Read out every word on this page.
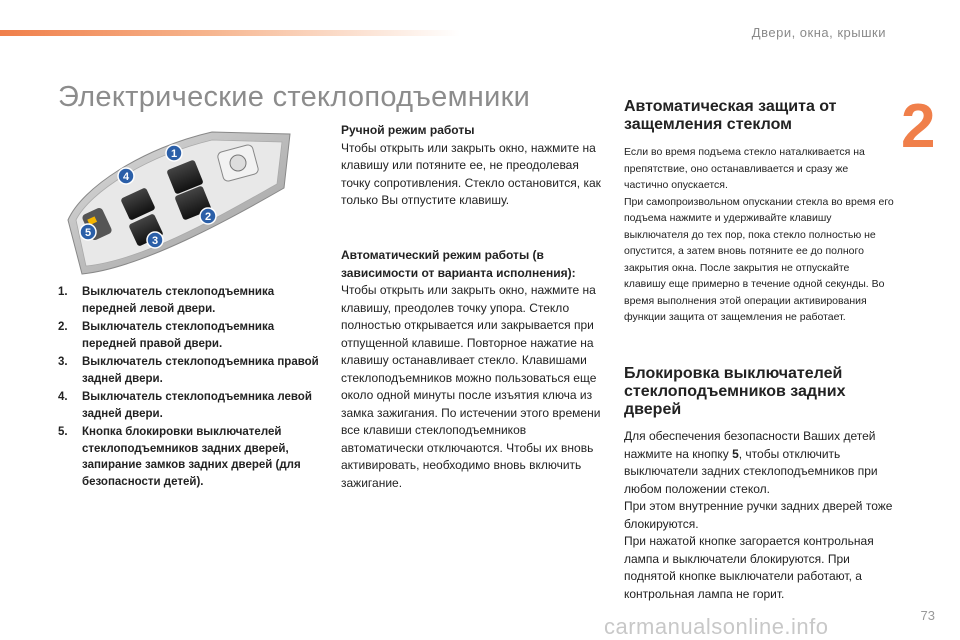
Двери, окна, крышки
2
Электрические стеклоподъемники
1
2
3
4
5
1.	Выключатель стеклоподъемника передней левой двери.
2.	Выключатель стеклоподъемника передней правой двери.
3.	Выключатель стеклоподъемника правой задней двери.
4.	Выключатель стеклоподъемника левой задней двери.
5.	Кнопка блокировки выключателей стеклоподъемников задних дверей, запирание замков задних дверей (для безопасности детей).
Ручной режим работы

Чтобы открыть или закрыть окно, нажмите на клавишу или потяните ее, не преодолевая точку сопротивления. Стекло остановится, как только Вы отпустите клавишу.

Автоматический режим работы (в зависимости от варианта исполнения):

Чтобы открыть или закрыть окно, нажмите на клавишу, преодолев точку упора. Стекло полностью открывается или закрывается при отпущенной клавише. Повторное нажатие на клавишу останавливает стекло. Клавишами стеклоподъемников можно пользоваться еще около одной минуты после изъятия ключа из замка зажигания. По истечении этого времени все клавиши стеклоподъемников автоматически отключаются. Чтобы их вновь активировать, необходимо вновь включить зажигание.

Автоматическая защита от защемления стеклом

Если во время подъема стекло наталкивается на препятствие, оно останавливается и сразу же частично опускается.

При самопроизвольном опускании стекла во время его подъема нажмите и удерживайте клавишу выключателя до тех пор, пока стекло полностью не опустится, а затем вновь потяните ее до полного закрытия окна. После закрытия не отпускайте клавишу еще примерно в течение одной секунды. Во время выполнения этой операции активирования функции защита от защемления не работает.

Блокировка выключателей стеклоподъемников задних дверей

Для обеспечения безопасности Ваших детей нажмите на кнопку 5, чтобы отключить выключатели задних стеклоподъемников при любом положении стекол.

При этом внутренние ручки задних дверей тоже блокируются.

При нажатой кнопке загорается контрольная лампа и выключатели блокируются. При поднятой кнопке выключатели работают, а контрольная лампа не горит.

73
carmanualsonline.info
